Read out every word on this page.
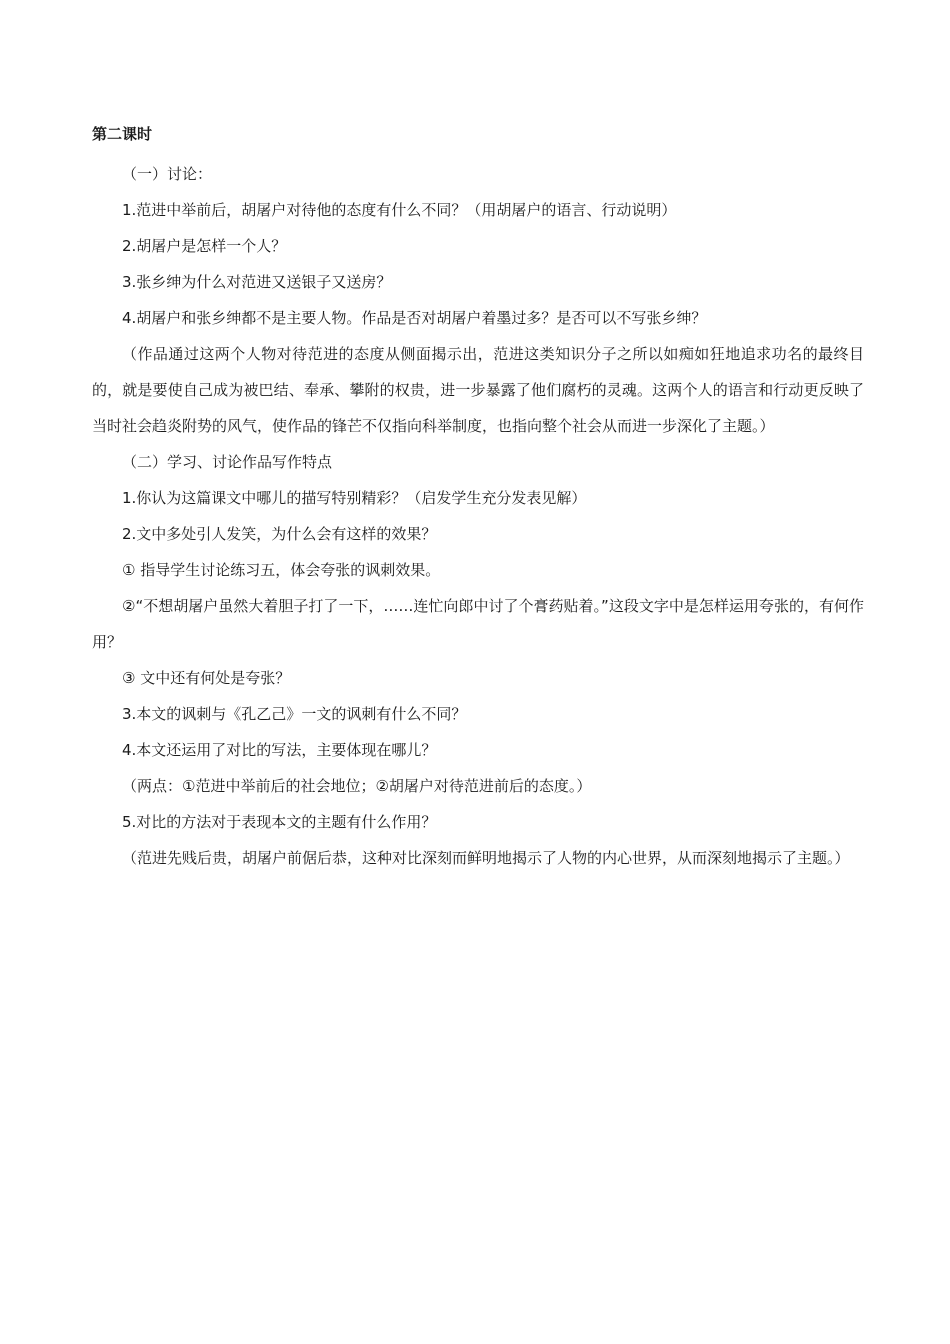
第二课时
（一）讨论：
1.范进中举前后，胡屠户对待他的态度有什么不同？（用胡屠户的语言、行动说明）
2.胡屠户是怎样一个人？
3.张乡绅为什么对范进又送银子又送房？
4.胡屠户和张乡绅都不是主要人物。作品是否对胡屠户着墨过多？是否可以不写张乡绅？

（作品通过这两个人物对待范进的态度从侧面揭示出，范进这类知识分子之所以如痴如狂地追求功名的最终目的，就是要使自己成为被巴结、奉承、攀附的权贵，进一步暴露了他们腐朽的灵魂。这两个人的语言和行动更反映了当时社会趋炎附势的风气，使作品的锋芒不仅指向科举制度，也指向整个社会从而进一步深化了主题。）

（二）学习、讨论作品写作特点
1.你认为这篇课文中哪儿的描写特别精彩？（启发学生充分发表见解）
2.文中多处引人发笑，为什么会有这样的效果？
① 指导学生讨论练习五，体会夸张的讽刺效果。

②“不想胡屠户虽然大着胆子打了一下，……连忙向郎中讨了个膏药贴着。”这段文字中是怎样运用夸张的，有何作用？

③ 文中还有何处是夸张？
3.本文的讽刺与《孔乙己》一文的讽刺有什么不同？
4.本文还运用了对比的写法，主要体现在哪儿？
（两点：①范进中举前后的社会地位；②胡屠户对待范进前后的态度。）
5.对比的方法对于表现本文的主题有什么作用？

（范进先贱后贵，胡屠户前倨后恭，这种对比深刻而鲜明地揭示了人物的内心世界，从而深刻地揭示了主题。）
